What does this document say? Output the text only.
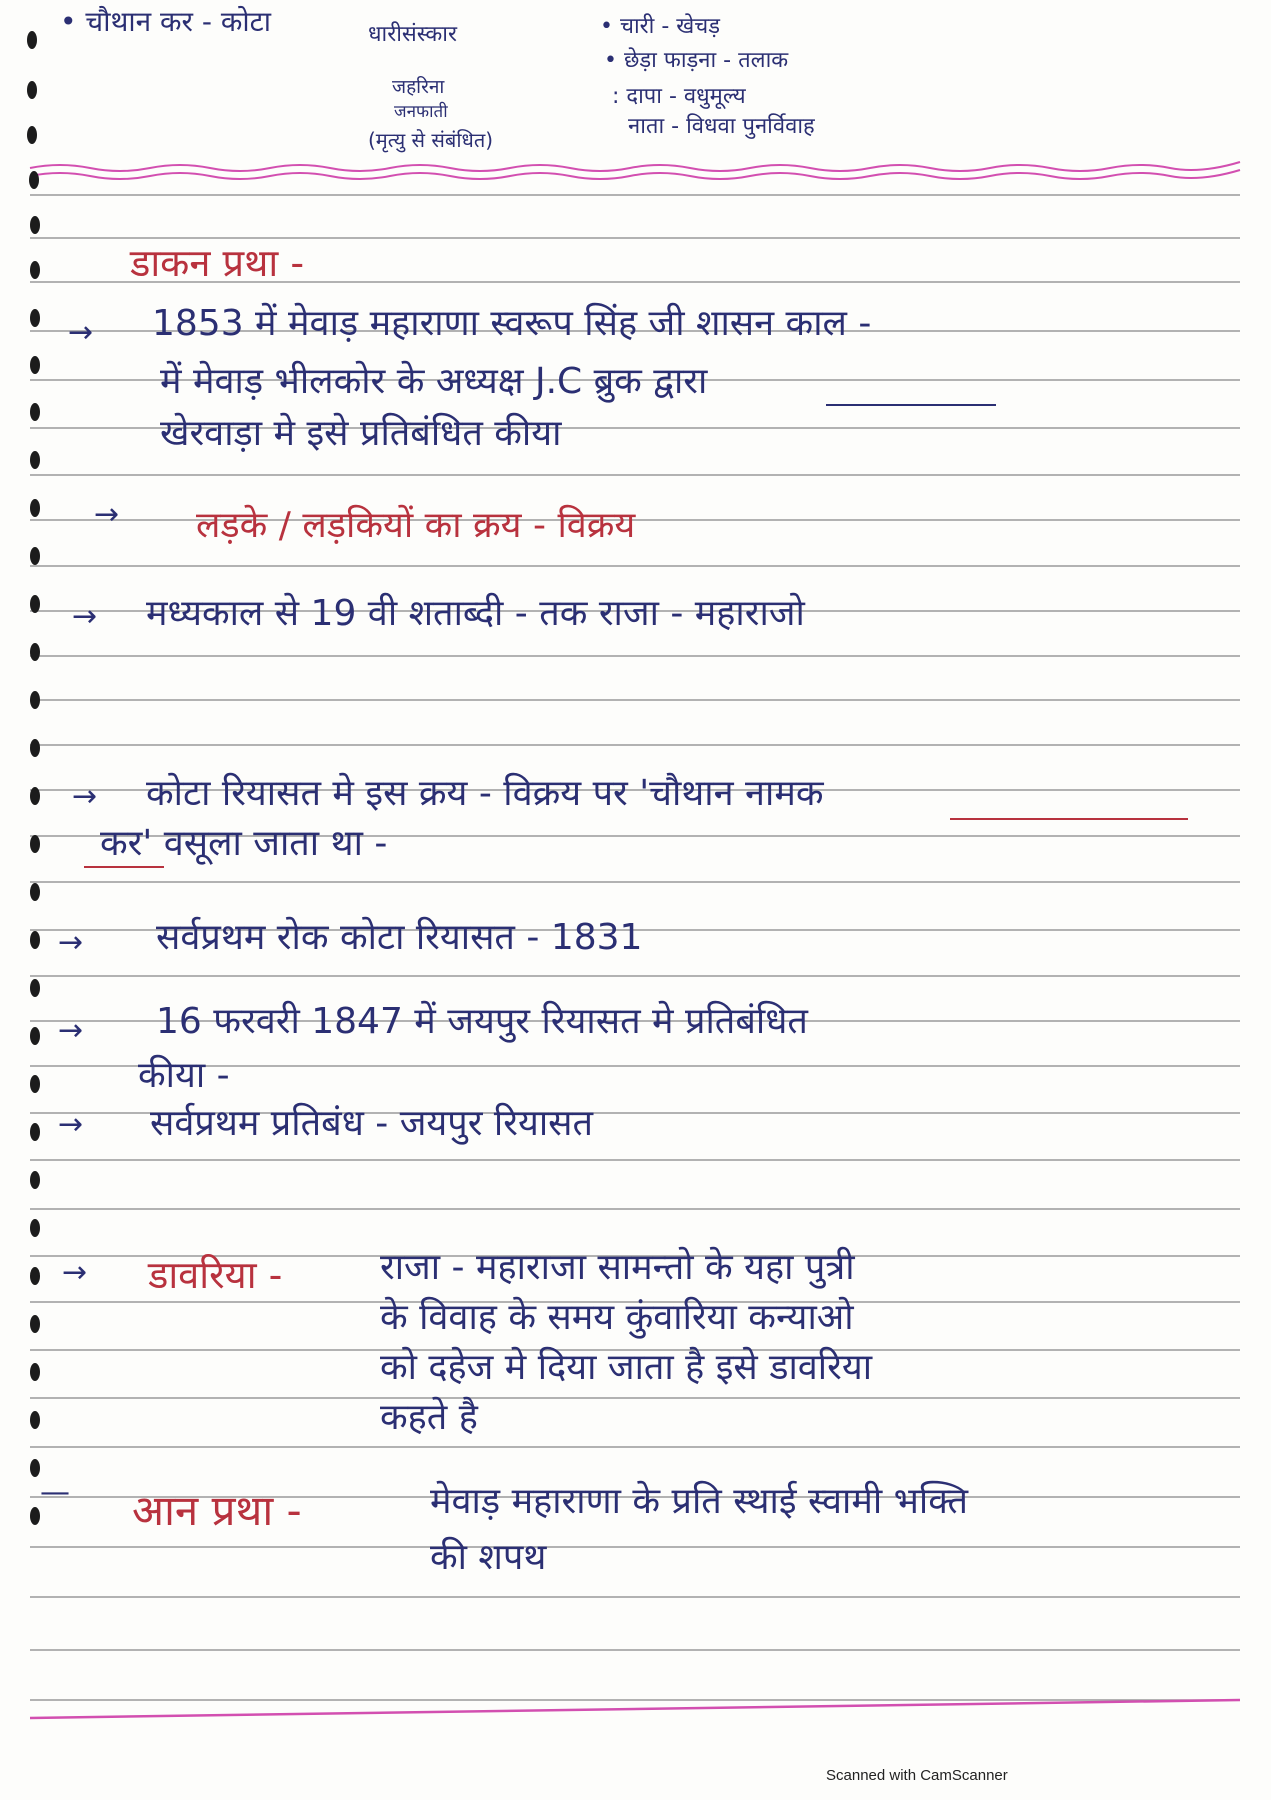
• चौथान कर - कोटा	धारीसंस्कार
जहरिना
जनफाती
(मृत्यु से संबंधित)
• चारी - खेचड़
• छेड़ा फाड़ना - तलाक
: दापा - वधुमूल्य
नाता - विधवा पुनर्विवाह
डाकन प्रथा -
→ 1853 में मेवाड़ महाराणा स्वरूप सिंह जी शासन काल -
में मेवाड़ भीलकोर के अध्यक्ष J.C ब्रुक द्वारा
खेरवाड़ा मे इसे प्रतिबंधित कीया
→ लड़के / लड़कियों का क्रय - विक्रय
→ मध्यकाल से 19 वी शताब्दी - तक राजा - महाराजो
→ कोटा रियासत मे इस क्रय - विक्रय पर 'चौथान नामक
कर' वसूला जाता था -
→ सर्वप्रथम रोक कोटा रियासत - 1831
→ 16 फरवरी 1847 में जयपुर रियासत मे प्रतिबंधित
कीया -
→ सर्वप्रथम प्रतिबंध - जयपुर रियासत
→ डावरिया -	राजा - महाराजा सामन्तो के यहा पुत्री
के विवाह के समय कुंवारिया कन्याओ
को दहेज मे दिया जाता है इसे डावरिया
कहते है
— आन प्रथा -	मेवाड़ महाराणा के प्रति स्थाई स्वामी भक्ति
की शपथ
Scanned with CamScanner
